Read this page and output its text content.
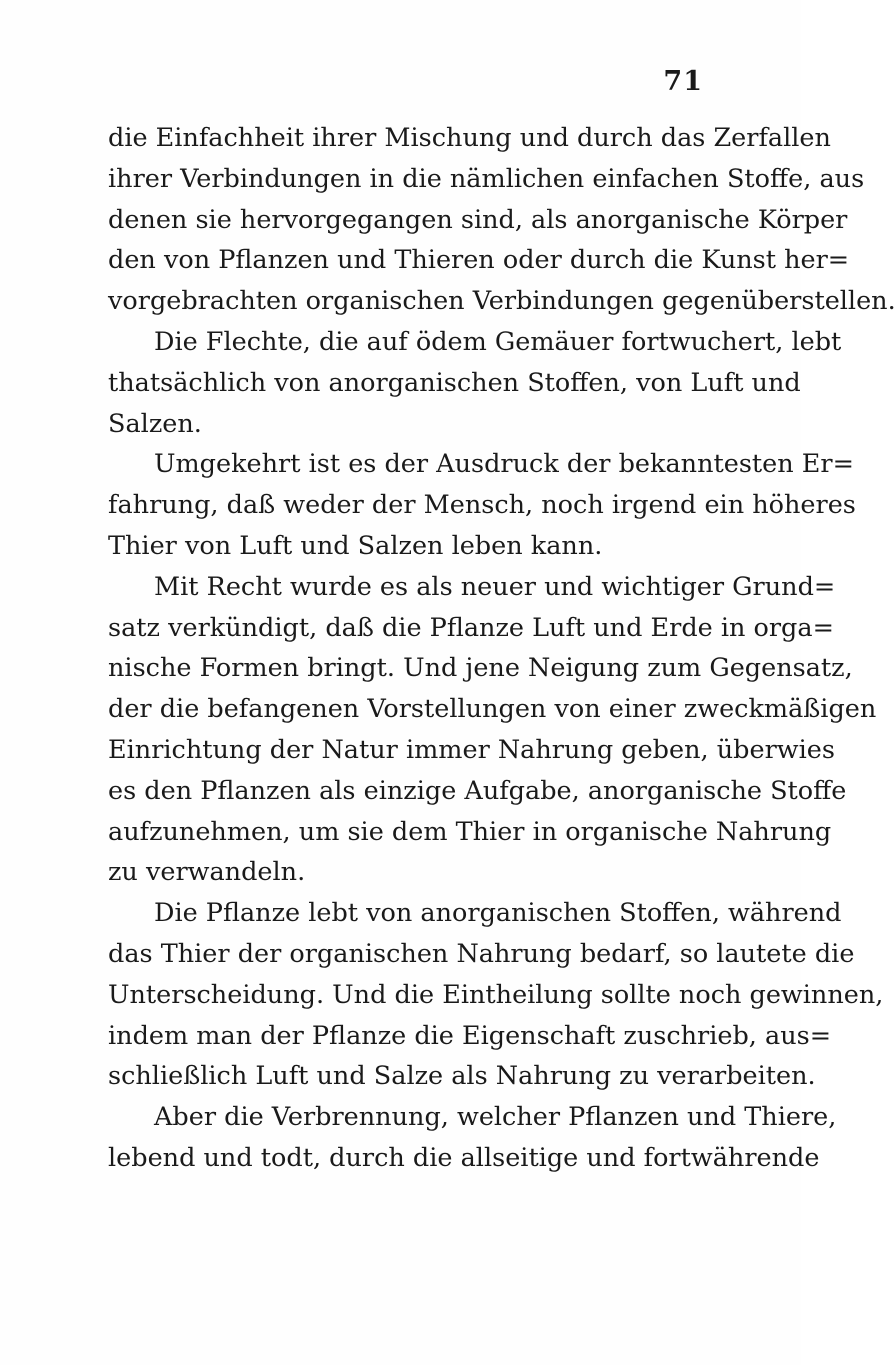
71
die Einfachheit ihrer Mischung und durch das Zerfallen
ihrer Verbindungen in die nämlichen einfachen Stoffe, aus
denen sie hervorgegangen sind, als anorganische Körper
den von Pflanzen und Thieren oder durch die Kunst her=
vorgebrachten organischen Verbindungen gegenüberstellen.
Die Flechte, die auf ödem Gemäuer fortwuchert, lebt
thatsächlich von anorganischen Stoffen, von Luft und
Salzen.
Umgekehrt ist es der Ausdruck der bekanntesten Er=
fahrung, daß weder der Mensch, noch irgend ein höheres
Thier von Luft und Salzen leben kann.
Mit Recht wurde es als neuer und wichtiger Grund=
satz verkündigt, daß die Pflanze Luft und Erde in orga=
nische Formen bringt. Und jene Neigung zum Gegensatz,
der die befangenen Vorstellungen von einer zweckmäßigen
Einrichtung der Natur immer Nahrung geben, überwies
es den Pflanzen als einzige Aufgabe, anorganische Stoffe
aufzunehmen, um sie dem Thier in organische Nahrung
zu verwandeln.
Die Pflanze lebt von anorganischen Stoffen, während
das Thier der organischen Nahrung bedarf, so lautete die
Unterscheidung. Und die Eintheilung sollte noch gewinnen,
indem man der Pflanze die Eigenschaft zuschrieb, aus=
schließlich Luft und Salze als Nahrung zu verarbeiten.
Aber die Verbrennung, welcher Pflanzen und Thiere,
lebend und todt, durch die allseitige und fortwährende
